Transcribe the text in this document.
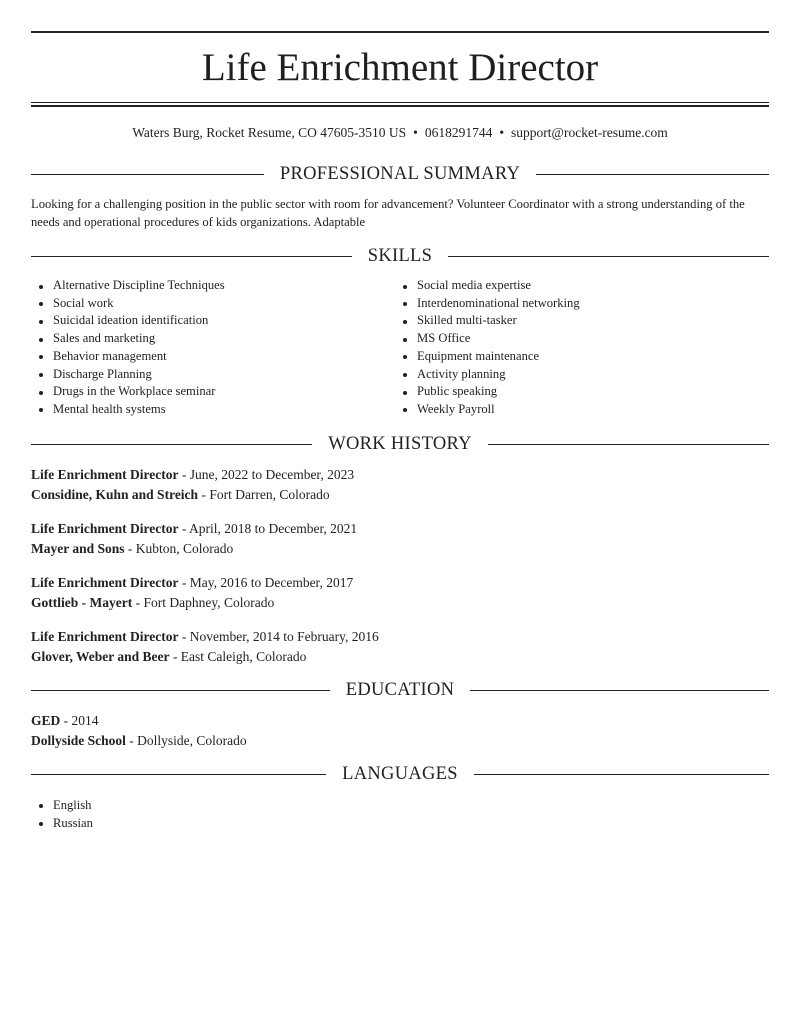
Life Enrichment Director
Waters Burg, Rocket Resume, CO 47605-3510 US • 0618291744 • support@rocket-resume.com
PROFESSIONAL SUMMARY

Looking for a challenging position in the public sector with room for advancement? Volunteer Coordinator with a strong understanding of the needs and operational procedures of kids organizations. Adaptable

SKILLS
Alternative Discipline Techniques
Social work
Suicidal ideation identification
Sales and marketing
Behavior management
Discharge Planning
Drugs in the Workplace seminar
Mental health systems
Social media expertise
Interdenominational networking
Skilled multi-tasker
MS Office
Equipment maintenance
Activity planning
Public speaking
Weekly Payroll
WORK HISTORY
Life Enrichment Director - June, 2022 to December, 2023
Considine, Kuhn and Streich - Fort Darren, Colorado
Life Enrichment Director - April, 2018 to December, 2021
Mayer and Sons - Kubton, Colorado
Life Enrichment Director - May, 2016 to December, 2017
Gottlieb - Mayert - Fort Daphney, Colorado
Life Enrichment Director - November, 2014 to February, 2016
Glover, Weber and Beer - East Caleigh, Colorado
EDUCATION
GED - 2014
Dollyside School - Dollyside, Colorado
LANGUAGES
English
Russian
